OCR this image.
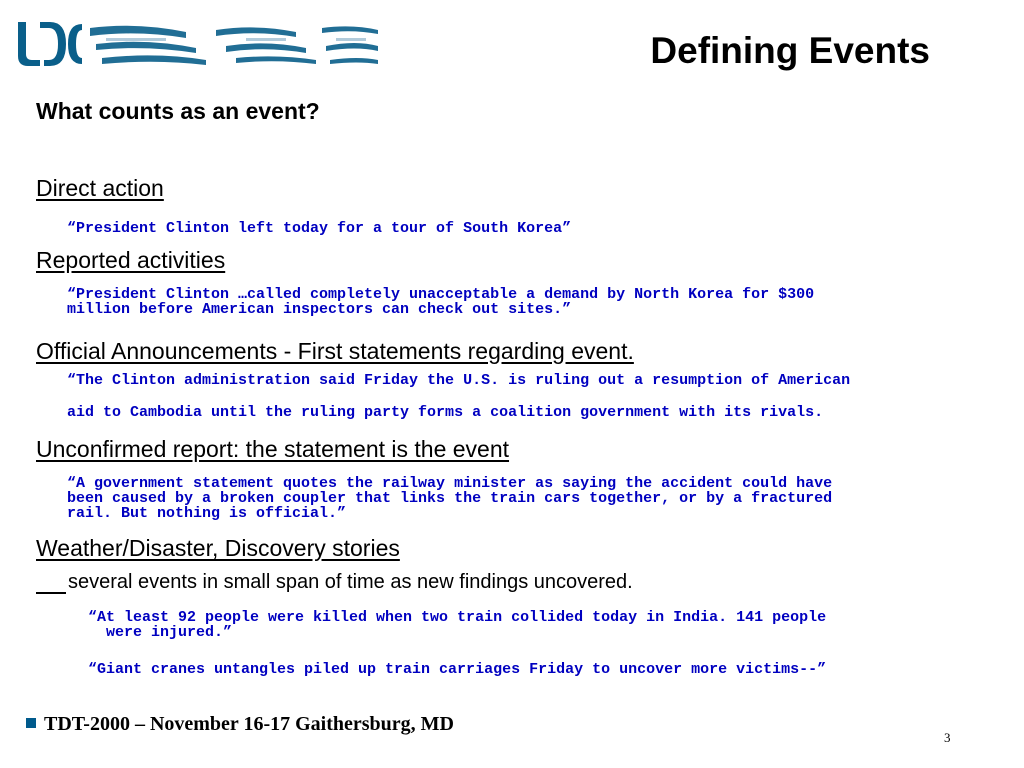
Defining Events
What counts as an event?
Direct action
“President Clinton left today for a tour of South Korea”
Reported activities
“President Clinton …called completely unacceptable a demand by North Korea for $300
million before American inspectors can check out sites.”
Official Announcements - First statements regarding event.
“The Clinton administration said Friday the U.S. is ruling out a resumption of American
aid to Cambodia until the ruling party forms a coalition government with its rivals.
Unconfirmed report: the statement is the event
“A government statement quotes the railway minister as saying the accident could have
been caused by a broken coupler that links the train cars together, or by a fractured
rail. But nothing is official.”
Weather/Disaster, Discovery stories
several events in small span of time as new findings uncovered.
“At least 92 people were killed when two train collided today in India. 141 people
were injured.”
“Giant cranes untangles piled up train carriages Friday to uncover more victims--”
TDT-2000 – November 16-17 Gaithersburg, MD
3
